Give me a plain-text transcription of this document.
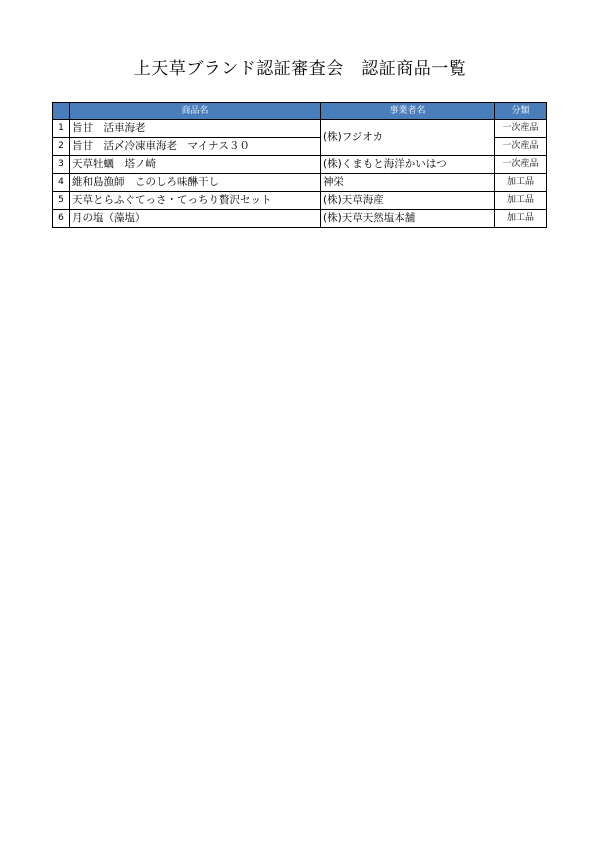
上天草ブランド認証審査会　認証商品一覧
	商品名	事業者名	分類
1	旨甘　活車海老	(株)フジオカ	一次産品
2	旨甘　活〆冷凍車海老　マイナス３０		一次産品
3	天草牡蠣　塔ノ崎	(株)くまもと海洋かいはつ	一次産品
4	維和島漁師　このしろ味醂干し	神栄	加工品
5	天草とらふぐてっさ・てっちり贅沢セット	(株)天草海産	加工品
6	月の塩（藻塩）	(株)天草天然塩本舗	加工品
